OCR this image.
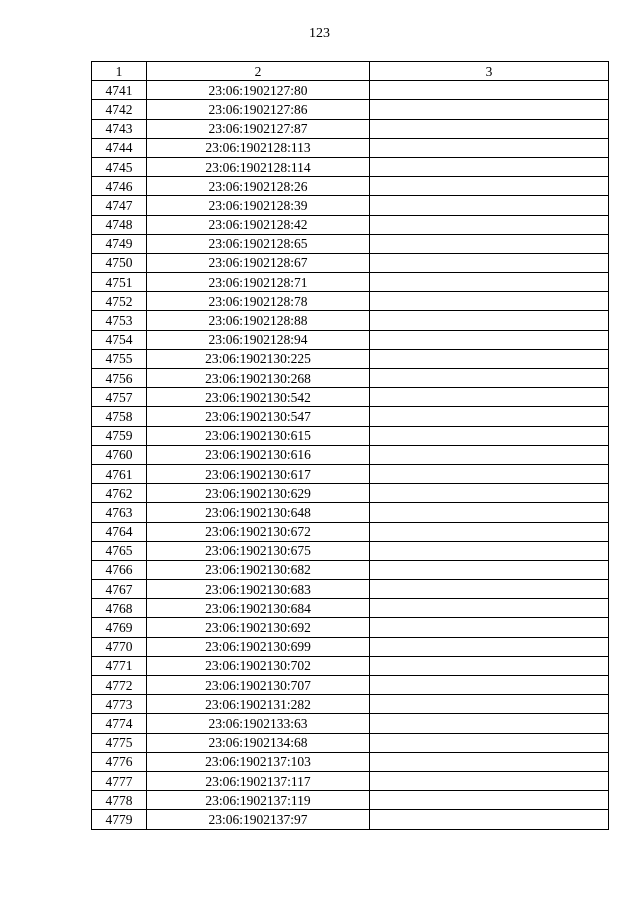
123
1	2	3
4741	23:06:1902127:80	
4742	23:06:1902127:86	
4743	23:06:1902127:87	
4744	23:06:1902128:113	
4745	23:06:1902128:114	
4746	23:06:1902128:26	
4747	23:06:1902128:39	
4748	23:06:1902128:42	
4749	23:06:1902128:65	
4750	23:06:1902128:67	
4751	23:06:1902128:71	
4752	23:06:1902128:78	
4753	23:06:1902128:88	
4754	23:06:1902128:94	
4755	23:06:1902130:225	
4756	23:06:1902130:268	
4757	23:06:1902130:542	
4758	23:06:1902130:547	
4759	23:06:1902130:615	
4760	23:06:1902130:616	
4761	23:06:1902130:617	
4762	23:06:1902130:629	
4763	23:06:1902130:648	
4764	23:06:1902130:672	
4765	23:06:1902130:675	
4766	23:06:1902130:682	
4767	23:06:1902130:683	
4768	23:06:1902130:684	
4769	23:06:1902130:692	
4770	23:06:1902130:699	
4771	23:06:1902130:702	
4772	23:06:1902130:707	
4773	23:06:1902131:282	
4774	23:06:1902133:63	
4775	23:06:1902134:68	
4776	23:06:1902137:103	
4777	23:06:1902137:117	
4778	23:06:1902137:119	
4779	23:06:1902137:97	
